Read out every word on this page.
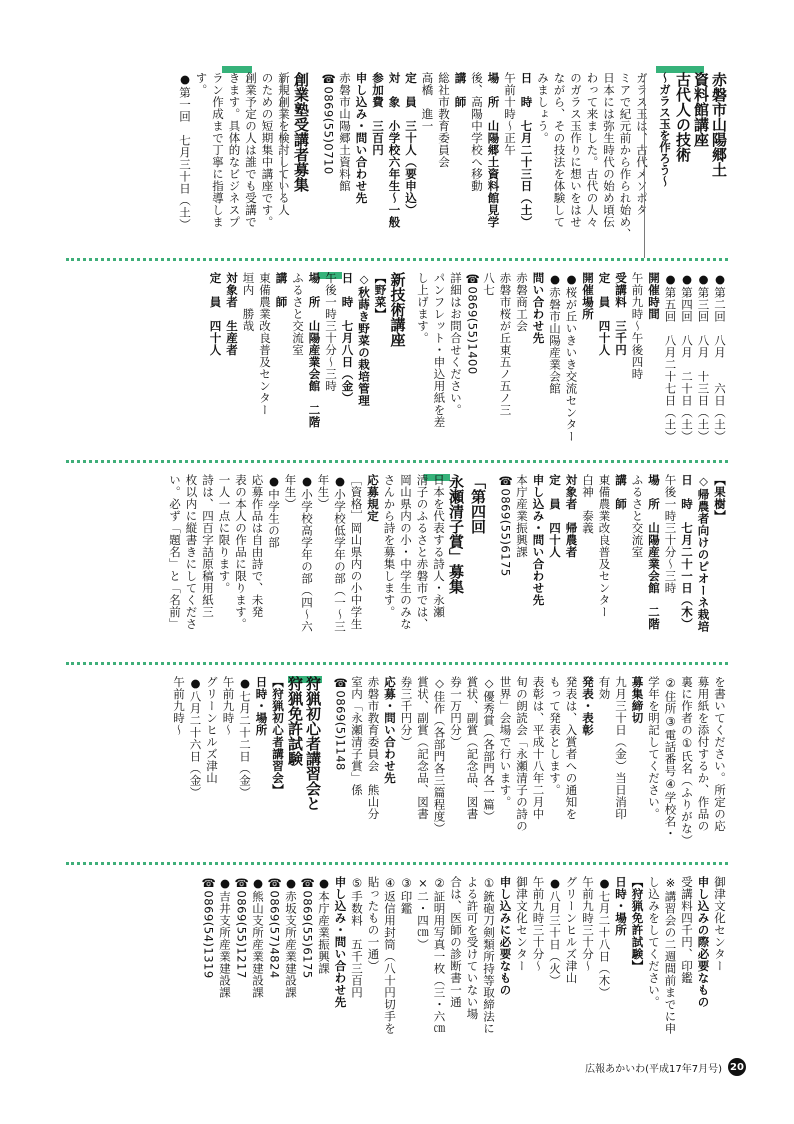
赤磐市山陽郷土
資料館講座
古代人の技術
～ガラス玉を作ろう～
ガラス玉は、古代メソポタ
ミアで紀元前から作られ始め、
日本には弥生時代の始め頃伝
わって来ました。古代の人々
のガラス玉作りに想いをはせ
ながら、その技法を体験して
みましょう。
日　時　七月二十三日（土）
午前十時～正午
場　所　山陽郷土資料館見学
後、高陽中学校へ移動
講　師
総社市教育委員会
高橋　進一
定　員　三十人（要申込）
対　象　小学校六年生～一般
参加費　三百円
申し込み・問い合わせ先
赤磐市山陽郷土資料館
☎0869(55)0710
創業塾受講者募集
新規創業を検討している人
のための短期集中講座です。
創業予定の人は誰でも受講で
きます。具体的なビジネスプ
ラン作成まで丁寧に指導しま
す。
●第一回　七月三十日（土）
●第二回　八月　　六日（土）
●第三回　八月　十三日（土）
●第四回　八月　二十日（土）
●第五回　八月二十七日（土）
開催時間
午前九時～午後四時
受講料　三千円
定　員　四十人
開催場所
●桜が丘いきいき交流センター
●赤磐市山陽産業会館
問い合わせ先
赤磐商工会
赤磐市桜が丘東五ノ五ノ三
八七
☎0869(55)1400
詳細はお問合せください。
パンフレット・申込用紙を差
し上げます。
新技術講座
【野菜】
◇秋蒔き野菜の栽培管理
日　時　七月八日（金）
午後一時三十分～三時
場　所　山陽産業会館　二階
ふるさと交流室
講　師
東備農業改良普及センター
垣内　勝哉
対象者　生産者
定　員　四十人
【果樹】
◇帰農者向けのピオーネ栽培
日　時　七月二十一日（木）
午後一時三十分～三時
場　所　山陽産業会館　二階
ふるさと交流室
講　師
東備農業改良普及センター
白神　泰義
対象者　帰農者
定　員　四十人
申し込み・問い合わせ先
本庁産業振興課
☎0869(55)6175
「第四回
永瀬清子賞」募集
日本を代表する詩人・永瀬
清子のふるさと赤磐市では、
岡山県内の小・中学生のみな
さんから詩を募集します。
応募規定
［資格］岡山県内の小中学生
●小学校低学年の部（一～三
年生）
●小学校高学年の部（四～六
年生）
●中学生の部
応募作品は自由詩で、未発
表の本人の作品に限ります。
一人一点に限ります。
詩は、四百字詰原稿用紙三
枚以内に縦書きにしてくださ
い。必ず「題名」と「名前」
を書いてください。所定の応
募用紙を添付するか、作品の
裏に作者の①氏名（ふりがな）
②住所③電話番号④学校名・
学年を明記してください。
募集締切
九月三十日（金）当日消印
有効
発表・表彰
発表は、入賞者への通知を
もって発表とします。
表彰は、平成十八年二月中
旬の朗読会「永瀬清子の詩の
世界」会場で行います。
◇優秀賞（各部門各一篇）
賞状、副賞（記念品、図書
券一万円分）
◇佳作（各部門各三篇程度）
賞状、副賞（記念品、図書
券三千円分）
応募・問い合わせ先
赤磐市教育委員会　熊山分
室内「永瀬清子賞」係
☎0869(5)1148
狩猟初心者講習会と
狩猟免許試験
【狩猟初心者講習会】
日時・場所
●七月二十二日（金）
午前九時～
グリーンヒルズ津山
●八月二十六日（金）
午前九時～
御津文化センター
申し込みの際必要なもの
受講料四千円、印鑑
※講習会の二週間前までに申
し込みをしてください。
【狩猟免許試験】
日時・場所
●七月二十八日（木）
午前九時三十分～
グリーンヒルズ津山
●八月三十日（火）
午前九時三十分～
御津文化センター
申し込みに必要なもの
①銃砲刀剣類所持等取締法に
よる許可を受けていない場
合は、医師の診断書一通
②証明用写真一枚（三・六㎝
×二・四㎝）
③印鑑
④返信用封筒（八十円切手を
貼ったもの一通）
⑤手数料　五千三百円
申し込み・問い合わせ先
●本庁産業振興課
☎0869(55)6175
●赤坂支所産業建設課
☎0869(57)4824
●熊山支所産業建設課
☎0869(55)1217
●吉井支所産業建設課
☎0869(54)1319
広報あかいわ(平成17年7月号) 20
